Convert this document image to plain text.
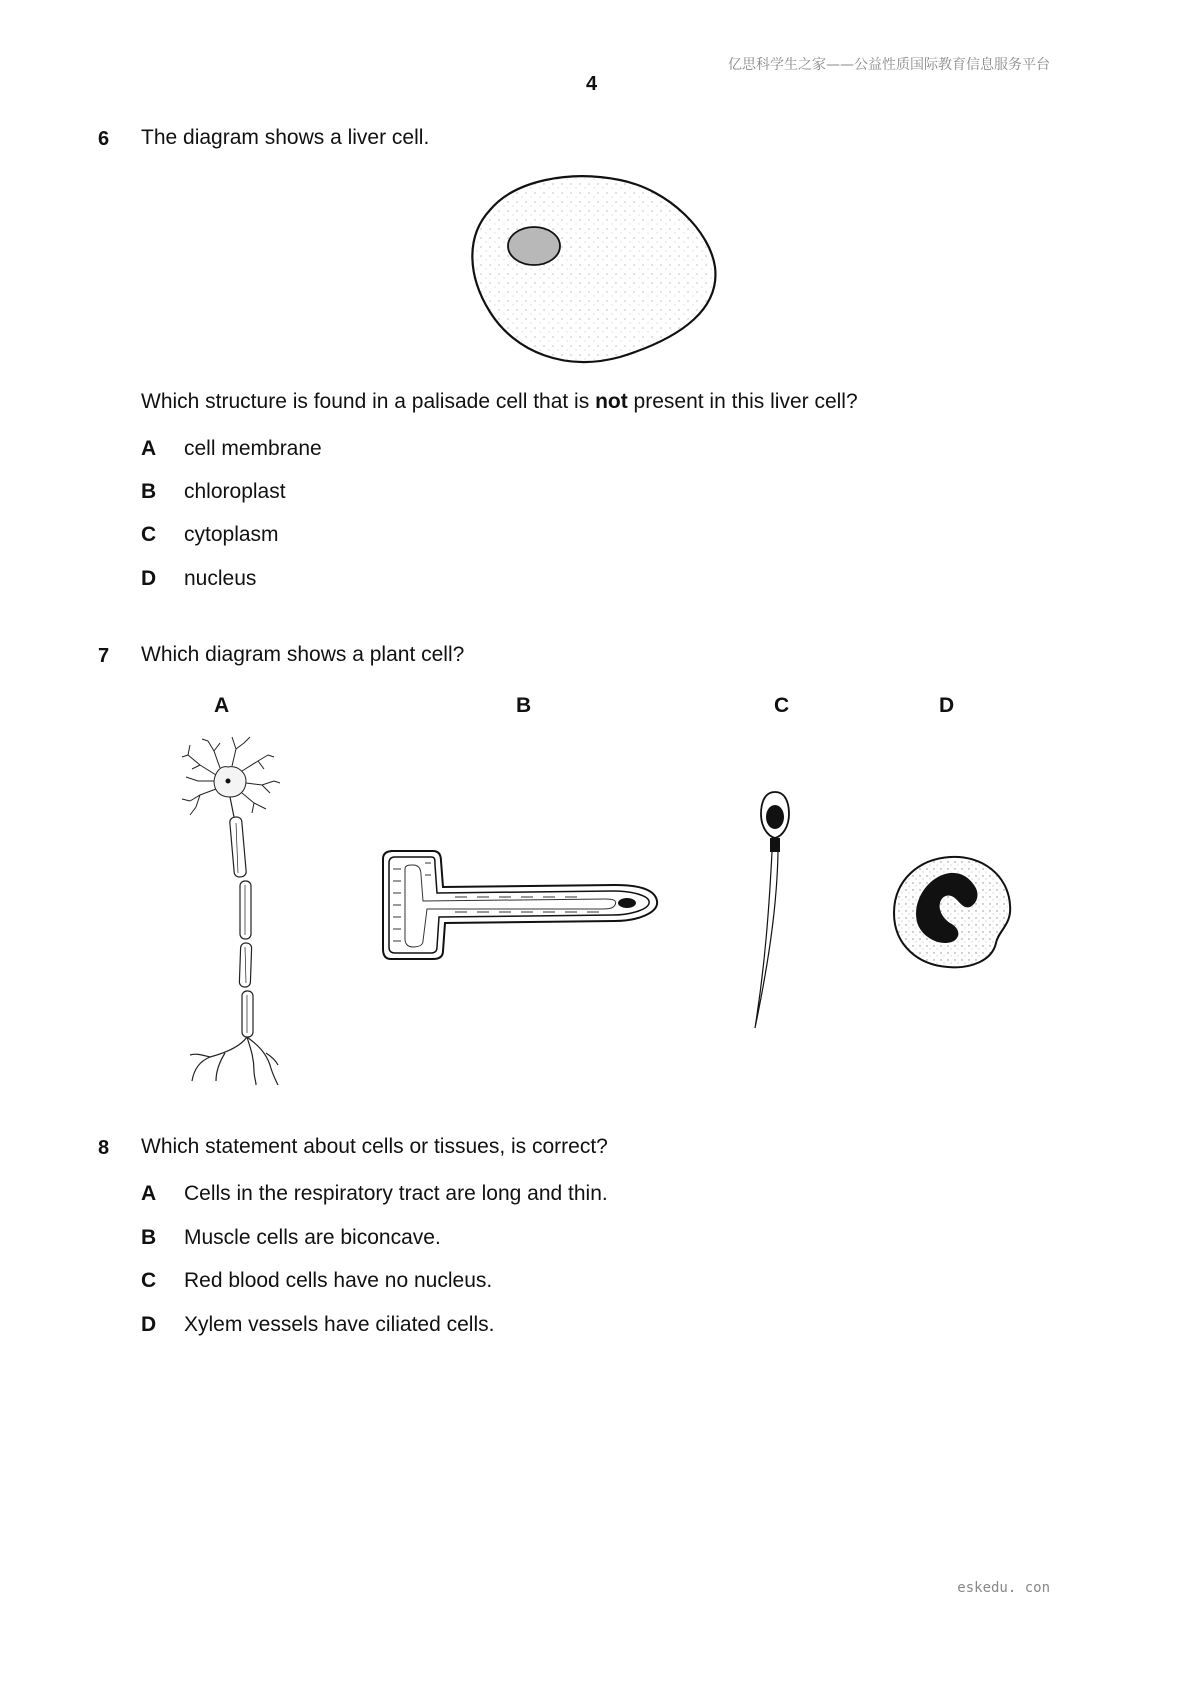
亿思科学生之家——公益性质国际教育信息服务平台
4
6 The diagram shows a liver cell.
Which structure is found in a palisade cell that is not present in this liver cell?
A cell membrane
B chloroplast
C cytoplasm
D nucleus
7 Which diagram shows a plant cell?
A	B	C	D
8 Which statement about cells or tissues, is correct?
A Cells in the respiratory tract are long and thin.
B Muscle cells are biconcave.
C Red blood cells have no nucleus.
D Xylem vessels have ciliated cells.
eskedu. con
